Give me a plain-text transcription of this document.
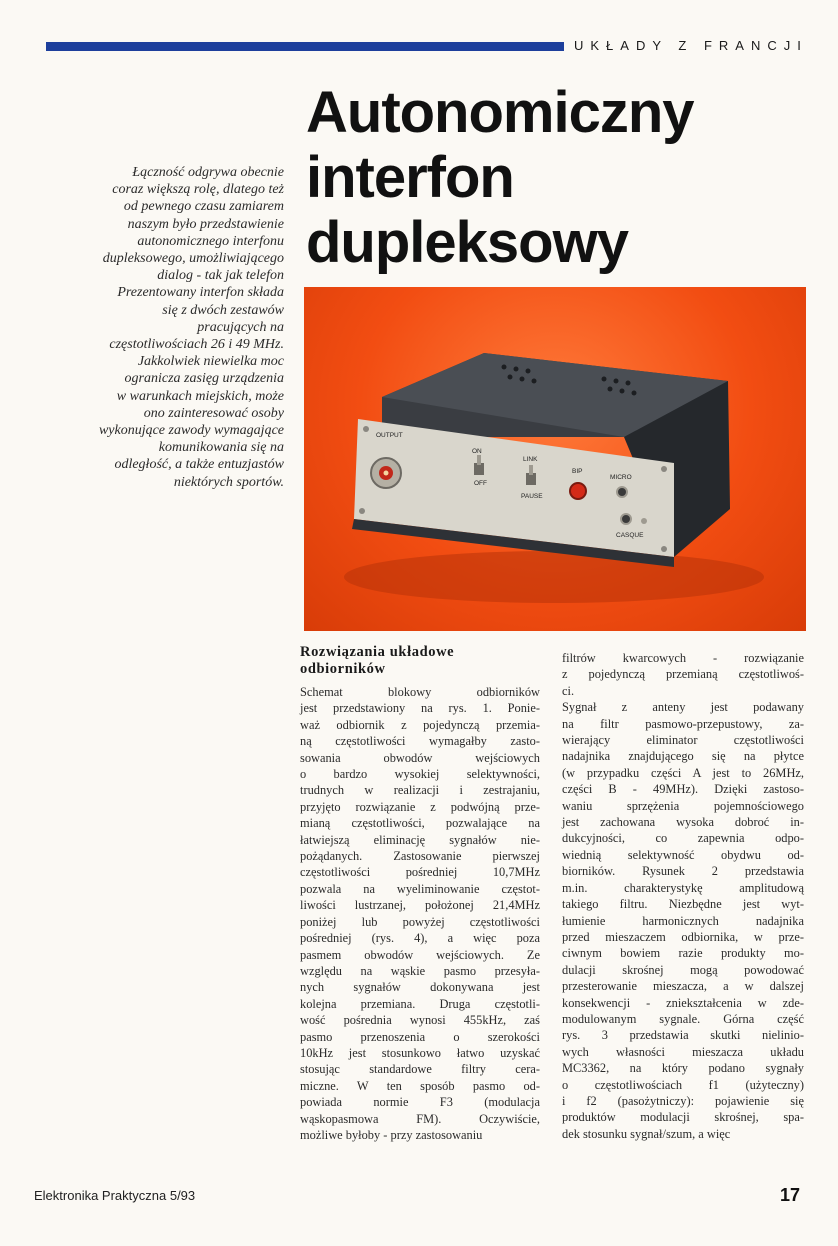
UKŁADY Z FRANCJI
Autonomiczny
interfon
dupleksowy
Łączność odgrywa obecnie
coraz większą rolę, dlatego też
od pewnego czasu zamiarem
naszym było przedstawienie
autonomicznego interfonu
dupleksowego, umożliwiającego
dialog - tak jak telefon
Prezentowany interfon składa
się z dwóch zestawów
pracujących na
częstotliwościach 26 i 49 MHz.
Jakkolwiek niewielka moc
ogranicza zasięg urządzenia
w warunkach miejskich, może
ono zainteresować osoby
wykonujące zawody wymagające
komunikowania się na
odległość, a także entuzjastów
niektórych sportów.
OUTPUT
ON
OFF
LINK
PAUSE
BIP
MICRO
CASQUE
Rozwiązania układowe
odbiorników
Schemat blokowy odbiorników
jest przedstawiony na rys. 1. Ponie-
waż odbiornik z pojedynczą przemia-
ną częstotliwości wymagałby zasto-
sowania obwodów wejściowych
o bardzo wysokiej selektywności,
trudnych w realizacji i zestrajaniu,
przyjęto rozwiązanie z podwójną prze-
mianą częstotliwości, pozwalające na
łatwiejszą eliminację sygnałów nie-
pożądanych. Zastosowanie pierwszej
częstotliwości pośredniej 10,7MHz
pozwala na wyeliminowanie częstot-
liwości lustrzanej, położonej 21,4MHz
poniżej lub powyżej częstotliwości
pośredniej (rys. 4), a więc poza
pasmem obwodów wejściowych. Ze
względu na wąskie pasmo przesyła-
nych sygnałów dokonywana jest
kolejna przemiana. Druga częstotli-
wość pośrednia wynosi 455kHz, zaś
pasmo przenoszenia o szerokości
10kHz jest stosunkowo łatwo uzyskać
stosując standardowe filtry cera-
miczne. W ten sposób pasmo od-
powiada normie F3 (modulacja
wąskopasmowa FM). Oczywiście,
możliwe byłoby - przy zastosowaniu
filtrów kwarcowych - rozwiązanie
z pojedynczą przemianą częstotliwoś-
ci.
Sygnał z anteny jest podawany
na filtr pasmowo-przepustowy, za-
wierający eliminator częstotliwości
nadajnika znajdującego się na płytce
(w przypadku części A jest to 26MHz,
części B - 49MHz). Dzięki zastoso-
waniu sprzężenia pojemnościowego
jest zachowana wysoka dobroć in-
dukcyjności, co zapewnia odpo-
wiednią selektywność obydwu od-
biorników. Rysunek 2 przedstawia
m.in. charakterystykę amplitudową
takiego filtru. Niezbędne jest wyt-
łumienie harmonicznych nadajnika
przed mieszaczem odbiornika, w prze-
ciwnym bowiem razie produkty mo-
dulacji skrośnej mogą powodować
przesterowanie mieszacza, a w dalszej
konsekwencji - zniekształcenia w zde-
modulowanym sygnale. Górna część
rys. 3 przedstawia skutki nielinio-
wych własności mieszacza układu
MC3362, na który podano sygnały
o częstotliwościach f1 (użyteczny)
i f2 (pasożytniczy): pojawienie się
produktów modulacji skrośnej, spa-
dek stosunku sygnał/szum, a więc
Elektronika Praktyczna 5/93	17
